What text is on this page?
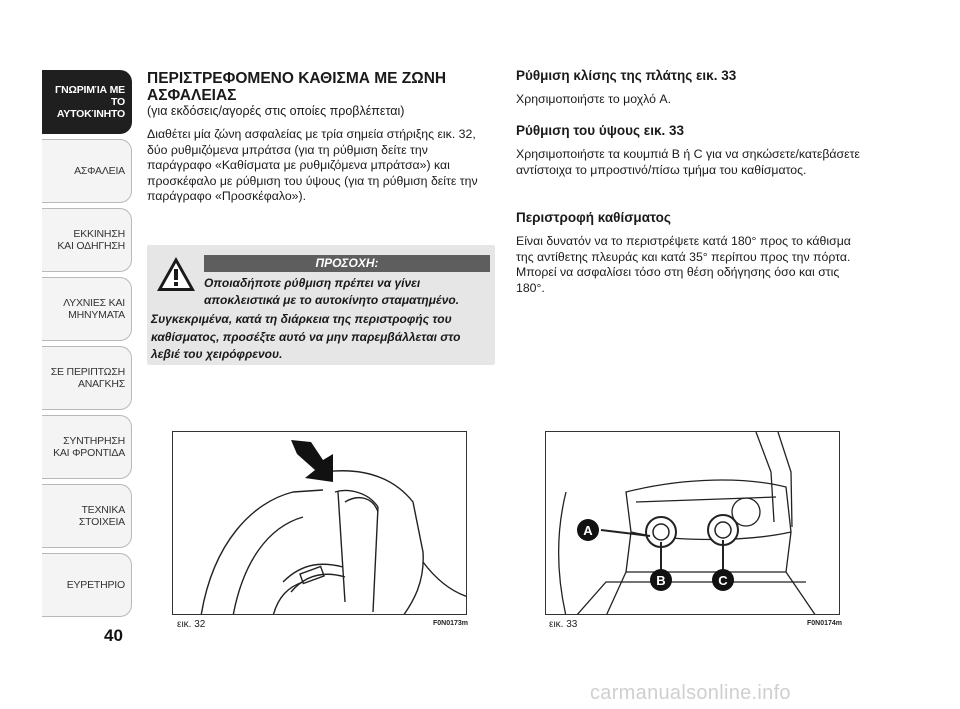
ΓΝΩΡΙΜΊΑ ΜΕ
ΤΟ ΑΥΤΟΚΊΝΗΤΟ
ΑΣΦΑΛΕΙΑ
ΕΚΚΙΝΗΣΗ
ΚΑΙ ΟΔΗΓΗΣΗ
ΛΥΧΝΙΕΣ ΚΑΙ
ΜΗΝΥΜΑΤΑ
ΣΕ ΠΕΡΙΠΤΩΣΗ
ΑΝΑΓΚΗΣ
ΣΥΝΤΗΡΗΣΗ
ΚΑΙ ΦΡΟΝΤΙΔΑ
ΤΕΧΝΙΚΑ
ΣΤΟΙΧΕΙΑ
ΕΥΡΕΤΗΡΙΟ
40
ΠΕΡΙΣΤΡΕΦΟΜΕΝΟ ΚΑΘΙΣΜΑ ΜΕ ΖΩΝΗ ΑΣΦΑΛΕΙΑΣ

(για εκδόσεις/αγορές στις οποίες προβλέπεται)

Διαθέτει μία ζώνη ασφαλείας με τρία σημεία στήριξης εικ. 32, δύο ρυθμιζόμενα μπράτσα (για τη ρύθμιση δείτε την παράγραφο «Καθίσματα με ρυθμιζόμενα μπράτσα») και προσκέφαλο με ρύθμιση του ύψους (για τη ρύθμιση δείτε την παράγραφο «Προσκέφαλο»).

ΠΡΟΣΟΧΗ:
Οποιαδήποτε ρύθμιση πρέπει να γίνει αποκλειστικά με το αυτοκίνητο σταματημένο.

Συγκεκριμένα, κατά τη διάρκεια της περιστροφής του καθίσματος, προσέξτε αυτό να μην παρεμβάλλεται στο λεβιέ του χειρόφρενου.

Ρύθμιση κλίσης της πλάτης εικ. 33

Χρησιμοποιήστε το μοχλό A.

Ρύθμιση του ύψους εικ. 33

Χρησιμοποιήστε τα κουμπιά B ή C για να σηκώσετε/κατεβάσετε αντίστοιχα το μπροστινό/πίσω τμήμα του καθίσματος.

Περιστροφή καθίσματος

Είναι δυνατόν να το περιστρέψετε κατά 180° προς το κάθισμα της αντίθετης πλευράς και κατά 35° περίπου προς την πόρτα. Μπορεί να ασφαλίσει τόσο στη θέση οδήγησης όσο και στις 180°.

εικ. 32	F0N0173m
A
B	C
εικ. 33	F0N0174m
carmanualsonline.info
